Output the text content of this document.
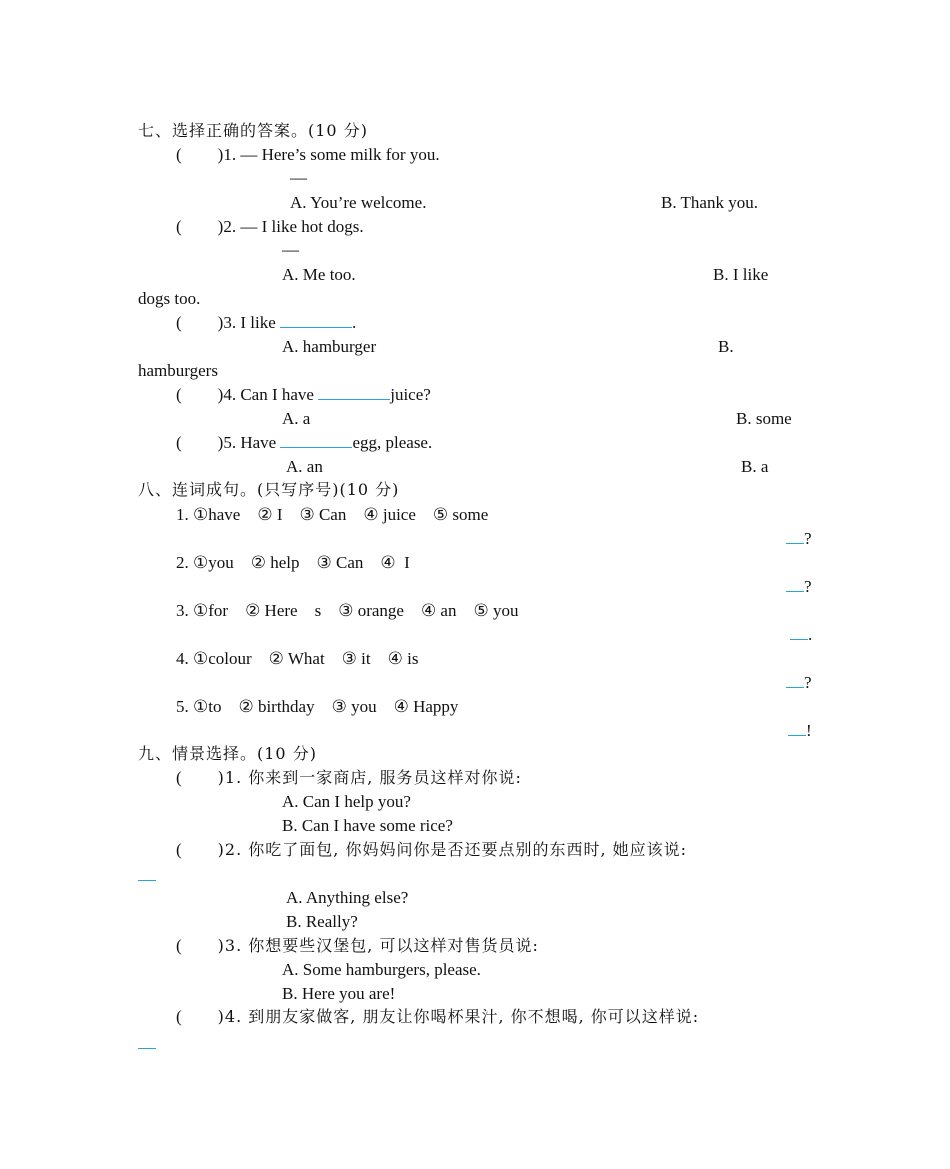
七、选择正确的答案。(10 分)
( )1. — Here’s some milk for you.
—
A. You’re welcome.	B. Thank you.
( )2. — I like hot dogs.
—
A. Me too.	B. I like
dogs too.
( )3. I like	.
A. hamburger	B.
hamburgers
( )4. Can I have	juice?
A. a	B. some
( )5. Have	egg, please.
A. an	B. a
八、连词成句。(只写序号)(10 分)
1. ①have    ② I    ③ Can    ④ juice    ⑤ some
?
2. ①you    ② help    ③ Can    ④  I
?
3. ①for    ② Here    s    ③ orange    ④ an    ⑤ you
.
4. ①colour    ② What    ③ it    ④ is
?
5. ①to    ② birthday    ③ you    ④ Happy
!
九、情景选择。(10 分)
( )1. 你来到一家商店, 服务员这样对你说:
A. Can I help you?
B. Can I have some rice?
( )2. 你吃了面包, 你妈妈问你是否还要点别的东西时, 她应该说:
A. Anything else?
B. Really?
( )3. 你想要些汉堡包, 可以这样对售货员说:
A. Some hamburgers, please.
B. Here you are!
( )4. 到朋友家做客, 朋友让你喝杯果汁, 你不想喝, 你可以这样说:
